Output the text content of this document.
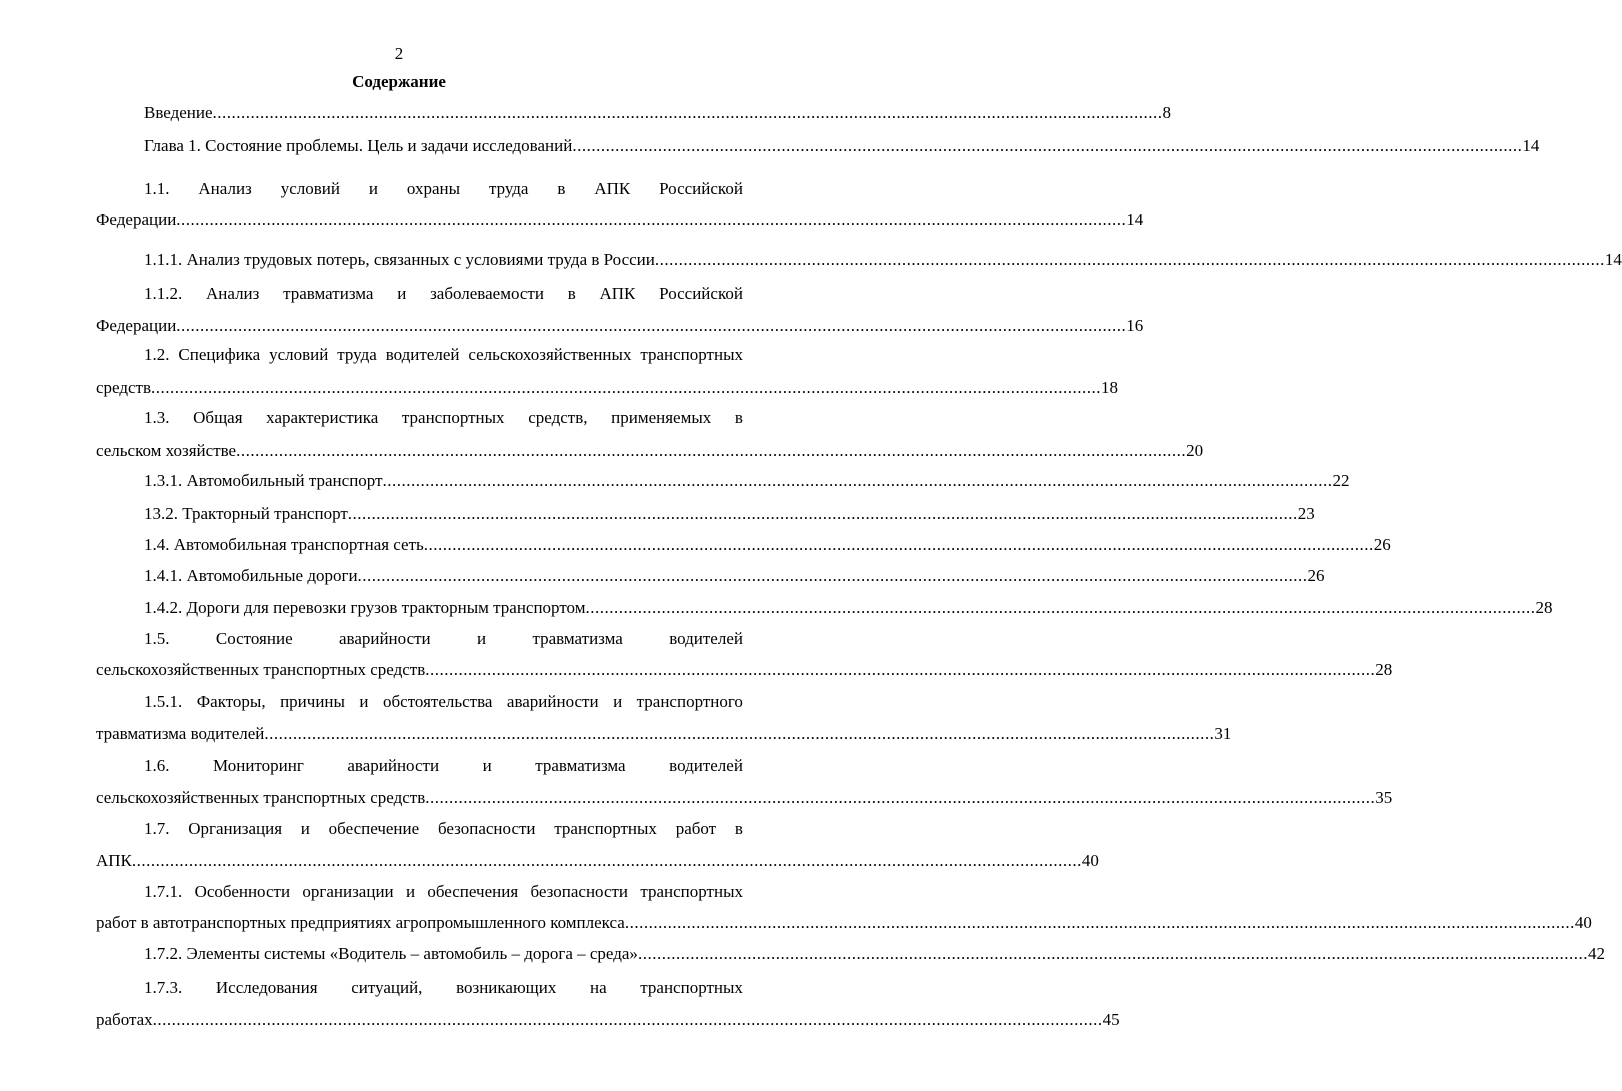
2
Содержание
Введение ........................................................................................................................................................................................................ 8
Глава 1. Состояние проблемы. Цель и задачи исследований ........................................................................................................................................................................................................ 14
1.1. Анализ условий и охраны труда в АПК Российской
Федерации ........................................................................................................................................................................................................ 14
1.1.1. Анализ трудовых потерь, связанных с условиями труда в России ........................................................................................................................................................................................................ 14
1.1.2. Анализ травматизма и заболеваемости в АПК Российской
Федерации ........................................................................................................................................................................................................ 16
1.2. Специфика условий труда водителей сельскохозяйственных транспортных
средств ........................................................................................................................................................................................................ 18
1.3. Общая характеристика транспортных средств, применяемых в
сельском хозяйстве ........................................................................................................................................................................................................ 20
1.3.1. Автомобильный транспорт ........................................................................................................................................................................................................ 22
13.2. Тракторный транспорт ........................................................................................................................................................................................................ 23
1.4. Автомобильная транспортная сеть ........................................................................................................................................................................................................ 26
1.4.1. Автомобильные дороги ........................................................................................................................................................................................................ 26
1.4.2. Дороги для перевозки грузов тракторным транспортом ........................................................................................................................................................................................................ 28
1.5.	Состояние	аварийности	и	травматизма	водителей
сельскохозяйственных транспортных средств ........................................................................................................................................................................................................ 28
1.5.1. Факторы, причины и обстоятельства аварийности и транспортного
травматизма водителей ........................................................................................................................................................................................................ 31
1.6.	Мониторинг	аварийности	и	травматизма	водителей
сельскохозяйственных транспортных средств ........................................................................................................................................................................................................ 35
1.7. Организация и обеспечение безопасности транспортных работ в
АПК ........................................................................................................................................................................................................ 40
1.7.1. Особенности организации и обеспечения безопасности транспортных
работ в автотранспортных предприятиях агропромышленного комплекса ........................................................................................................................................................................................................ 40
1.7.2. Элементы системы «Водитель – автомобиль – дорога – среда» ........................................................................................................................................................................................................ 42
1.7.3. Исследования ситуаций, возникающих на транспортных
работах ........................................................................................................................................................................................................ 45
